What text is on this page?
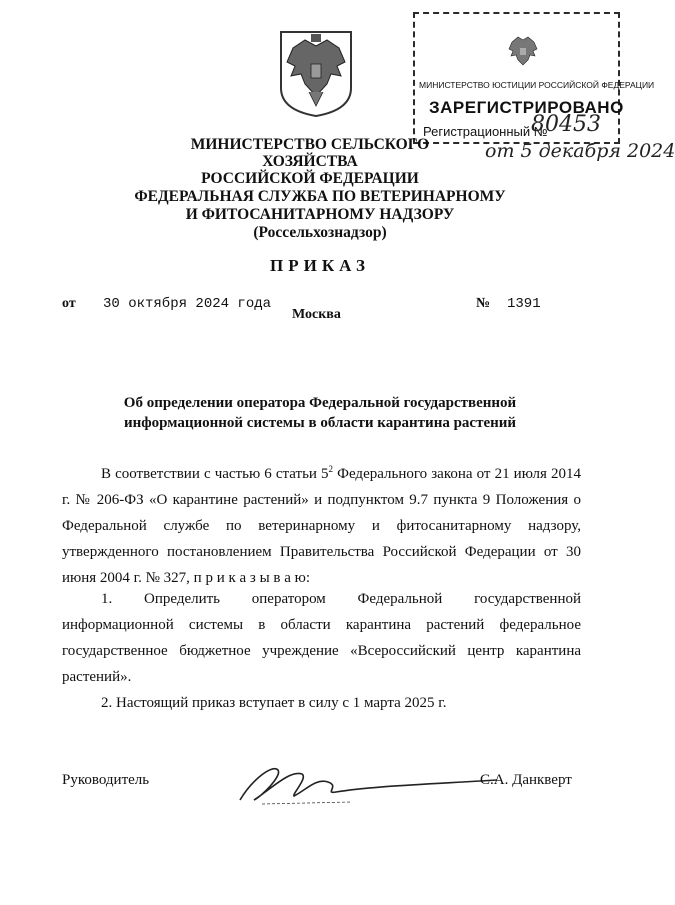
МИНИСТЕРСТВО ЮСТИЦИИ РОССИЙСКОЙ ФЕДЕРАЦИИ
ЗАРЕГИСТРИРОВАНО
Регистрационный №
80453
от 5 декабря 2024
МИНИСТЕРСТВО СЕЛЬСКОГО ХОЗЯЙСТВА
РОССИЙСКОЙ ФЕДЕРАЦИИ
ФЕДЕРАЛЬНАЯ СЛУЖБА ПО ВЕТЕРИНАРНОМУ
И ФИТОСАНИТАРНОМУ НАДЗОРУ
(Россельхознадзор)
ПРИКАЗ
от 30 октября 2024 года
Москва
№ 1391
Об определении оператора Федеральной государственной
информационной системы в области карантина растений
В соответствии с частью 6 статьи $5^2$ Федерального закона от 21 июля 2014 г. № 206-ФЗ «О карантине растений» и подпунктом 9.7 пункта 9 Положения о Федеральной службе по ветеринарному и фитосанитарному надзору, утвержденного постановлением Правительства Российской Федерации от 30 июня 2004 г. № 327, п р и к а з ы в а ю:
1. Определить оператором Федеральной государственной информационной системы в области карантина растений федеральное государственное бюджетное учреждение «Всероссийский центр карантина растений».
2. Настоящий приказ вступает в силу с 1 марта 2025 г.
Руководитель	С.А. Данкверт
